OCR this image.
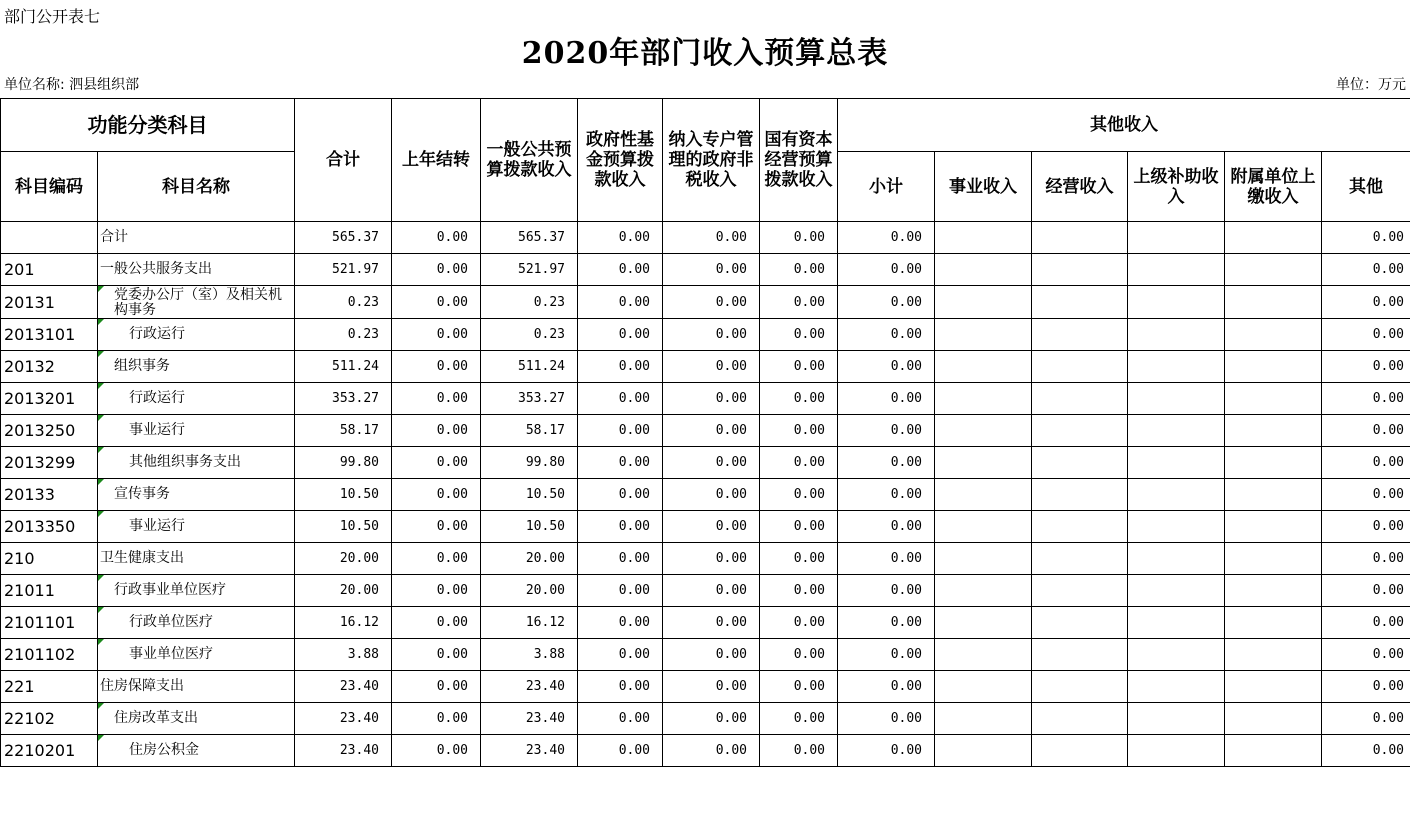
部门公开表七
2020年部门收入预算总表
单位名称: 泗县组织部	单位：万元
功能分类科目		合计	上年结转	一般公共预算拨款收入	政府性基金预算拨款收入	纳入专户管理的政府非税收入	国有资本经营预算拨款收入	其他收入					
科目编码	科目名称							小计	事业收入	经营收入	上级补助收入	附属单位上缴收入	其他
	合计	565.37	0.00	565.37	0.00	0.00	0.00	0.00					0.00
201	一般公共服务支出	521.97	0.00	521.97	0.00	0.00	0.00	0.00					0.00
20131	党委办公厅（室）及相关机构事务	0.23	0.00	0.23	0.00	0.00	0.00	0.00					0.00
2013101	行政运行	0.23	0.00	0.23	0.00	0.00	0.00	0.00					0.00
20132	组织事务	511.24	0.00	511.24	0.00	0.00	0.00	0.00					0.00
2013201	行政运行	353.27	0.00	353.27	0.00	0.00	0.00	0.00					0.00
2013250	事业运行	58.17	0.00	58.17	0.00	0.00	0.00	0.00					0.00
2013299	其他组织事务支出	99.80	0.00	99.80	0.00	0.00	0.00	0.00					0.00
20133	宣传事务	10.50	0.00	10.50	0.00	0.00	0.00	0.00					0.00
2013350	事业运行	10.50	0.00	10.50	0.00	0.00	0.00	0.00					0.00
210	卫生健康支出	20.00	0.00	20.00	0.00	0.00	0.00	0.00					0.00
21011	行政事业单位医疗	20.00	0.00	20.00	0.00	0.00	0.00	0.00					0.00
2101101	行政单位医疗	16.12	0.00	16.12	0.00	0.00	0.00	0.00					0.00
2101102	事业单位医疗	3.88	0.00	3.88	0.00	0.00	0.00	0.00					0.00
221	住房保障支出	23.40	0.00	23.40	0.00	0.00	0.00	0.00					0.00
22102	住房改革支出	23.40	0.00	23.40	0.00	0.00	0.00	0.00					0.00
2210201	住房公积金	23.40	0.00	23.40	0.00	0.00	0.00	0.00					0.00
